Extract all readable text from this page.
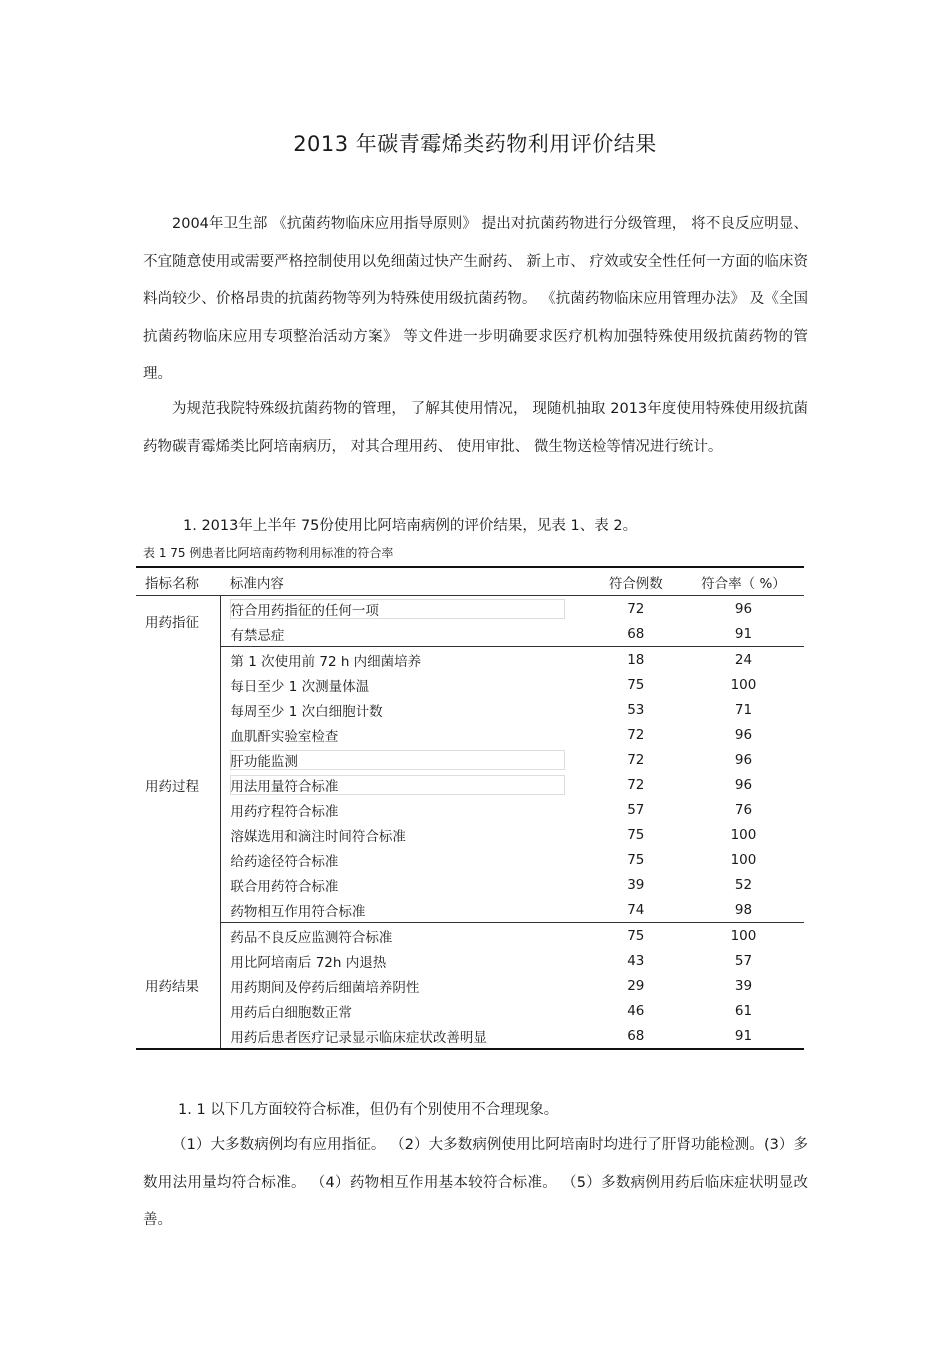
2013 年碳青霉烯类药物利用评价结果

2004年卫生部 《抗菌药物临床应用指导原则》 提出对抗菌药物进行分级管理， 将不良反应明显、 不宜随意使用或需要严格控制使用以免细菌过快产生耐药、 新上市、 疗效或安全性任何一方面的临床资料尚较少、价格昂贵的抗菌药物等列为特殊使用级抗菌药物。 《抗菌药物临床应用管理办法》 及《全国抗菌药物临床应用专项整治活动方案》 等文件进一步明确要求医疗机构加强特殊使用级抗菌药物的管理。

为规范我院特殊级抗菌药物的管理， 了解其使用情况， 现随机抽取 2013年度使用特殊使用级抗菌药物碳青霉烯类比阿培南病历， 对其合理用药、 使用审批、 微生物送检等情况进行统计。

1. 2013年上半年 75份使用比阿培南病例的评价结果，见表 1、表 2。
表 1 75 例患者比阿培南药物利用标准的符合率
指标名称	标准内容	符合例数	符合率（ %）
用药指征	符合用药指征的任何一项	72	96
	有禁忌症	68	91
用药过程	第 1 次使用前 72 h 内细菌培养	18	24
	每日至少 1 次测量体温	75	100
	每周至少 1 次白细胞计数	53	71
	血肌酐实验室检查	72	96
	肝功能监测	72	96
	用法用量符合标准	72	96
	用药疗程符合标准	57	76
	溶媒选用和滴注时间符合标准	75	100
	给药途径符合标准	75	100
	联合用药符合标准	39	52
	药物相互作用符合标准	74	98
用药结果	药品不良反应监测符合标准	75	100
	用比阿培南后 72h 内退热	43	57
	用药期间及停药后细菌培养阴性	29	39
	用药后白细胞数正常	46	61
	用药后患者医疗记录显示临床症状改善明显	68	91
1. 1 以下几方面较符合标准，但仍有个别使用不合理现象。

（1）大多数病例均有应用指征。 （2）大多数病例使用比阿培南时均进行了肝肾功能检测。(3）多数用法用量均符合标准。 （4）药物相互作用基本较符合标准。 （5）多数病例用药后临床症状明显改善。
